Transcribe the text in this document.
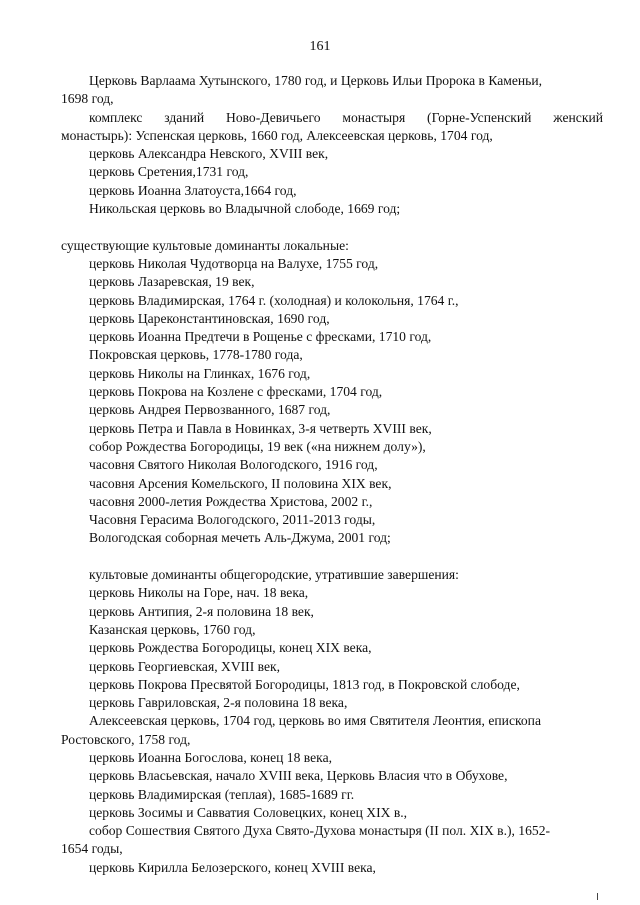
161
Церковь Варлаама Хутынского, 1780 год, и Церковь Ильи Пророка в Каменьи,
1698 год,
комплекс зданий Ново-Девичьего монастыря (Горне-Успенский женский
монастырь): Успенская церковь, 1660 год, Алексеевская церковь, 1704 год,
церковь Александра Невского, XVIII век,
церковь Сретения,1731 год,
церковь Иоанна Златоуста,1664 год,
Никольская церковь во Владычной слободе, 1669 год;
существующие культовые доминанты локальные:
церковь Николая Чудотворца на Валухе, 1755 год,
церковь Лазаревская, 19 век,
церковь Владимирская, 1764 г. (холодная) и колокольня, 1764 г.,
церковь Цареконстантиновская, 1690 год,
церковь Иоанна Предтечи в Рощенье с фресками, 1710 год,
Покровская церковь, 1778-1780 года,
церковь Николы на Глинках, 1676 год,
церковь Покрова на Козлене с фресками, 1704 год,
церковь Андрея Первозванного, 1687 год,
церковь Петра и Павла в Новинках, 3-я четверть XVIII век,
собор Рождества Богородицы, 19 век («на нижнем долу»),
часовня Святого Николая Вологодского, 1916 год,
часовня Арсения Комельского, II половина XIX век,
часовня 2000-летия Рождества Христова, 2002 г.,
Часовня Герасима Вологодского, 2011-2013 годы,
Вологодская соборная мечеть Аль-Джума, 2001 год;
культовые доминанты общегородские, утратившие завершения:
церковь Николы на Горе, нач. 18 века,
церковь Антипия, 2-я половина 18 век,
Казанская церковь, 1760 год,
церковь Рождества Богородицы, конец XIX века,
церковь Георгиевская, XVIII век,
церковь Покрова Пресвятой Богородицы, 1813 год, в Покровской слободе,
церковь Гавриловская, 2-я половина 18 века,
Алексеевская церковь, 1704 год, церковь во имя Святителя Леонтия, епископа
Ростовского, 1758 год,
церковь Иоанна Богослова, конец 18 века,
церковь Власьевская, начало XVIII века, Церковь Власия что в Обухове,
церковь Владимирская (теплая), 1685-1689 гг.
церковь Зосимы и Савватия Соловецких, конец XIX в.,
собор Сошествия Святого Духа Свято-Духова монастыря (II пол. XIX в.), 1652-
1654 годы,
церковь Кирилла Белозерского, конец XVIII века,
